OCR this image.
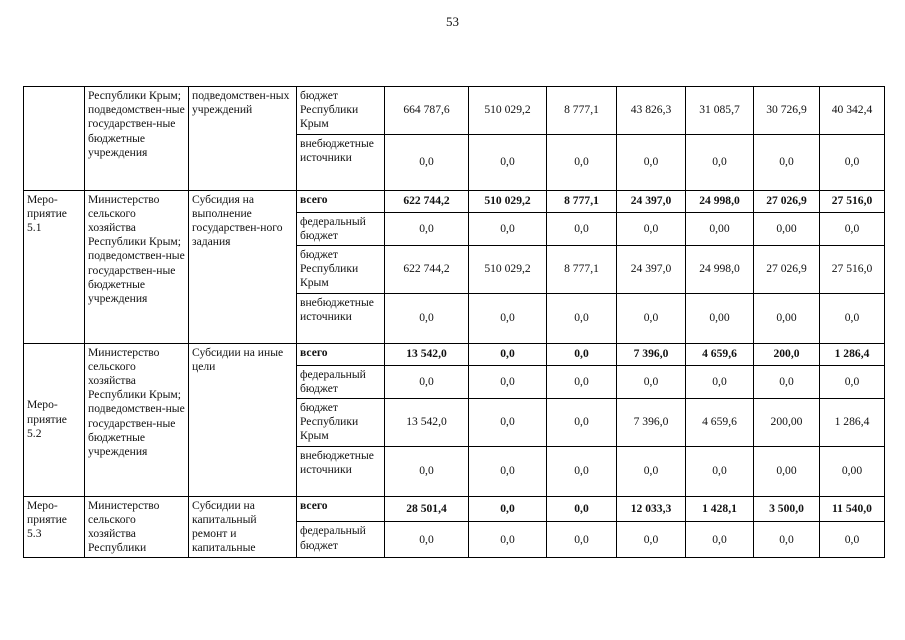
53
	Республики Крым; подведомствен-ные государствен-ные бюджетные учреждения	подведомствен-ных учреждений	бюджет Республики Крым	664 787,6	510 029,2	8 777,1	43 826,3	31 085,7	30 726,9	40 342,4
			внебюджетные источники	0,0	0,0	0,0	0,0	0,0	0,0	0,0
Меро-приятие 5.1	Министерство сельского хозяйства Республики Крым; подведомствен-ные государствен-ные бюджетные учреждения	Субсидия на выполнение государствен-ного задания	всего	622 744,2	510 029,2	8 777,1	24 397,0	24 998,0	27 026,9	27 516,0
			федеральный бюджет	0,0	0,0	0,0	0,0	0,00	0,00	0,0
			бюджет Республики Крым	622 744,2	510 029,2	8 777,1	24 397,0	24 998,0	27 026,9	27 516,0
			внебюджетные источники	0,0	0,0	0,0	0,0	0,00	0,00	0,0
Меро-приятие 5.2	Министерство сельского хозяйства Республики Крым; подведомствен-ные государствен-ные бюджетные учреждения	Субсидии на иные цели	всего	13 542,0	0,0	0,0	7 396,0	4 659,6	200,0	1 286,4
			федеральный бюджет	0,0	0,0	0,0	0,0	0,0	0,0	0,0
			бюджет Республики Крым	13 542,0	0,0	0,0	7 396,0	4 659,6	200,00	1 286,4
			внебюджетные источники	0,0	0,0	0,0	0,0	0,0	0,00	0,00
Меро-приятие 5.3	Министерство сельского хозяйства Республики	Субсидии на капитальный ремонт и капитальные	всего	28 501,4	0,0	0,0	12 033,3	1 428,1	3 500,0	11 540,0
			федеральный бюджет	0,0	0,0	0,0	0,0	0,0	0,0	0,0
